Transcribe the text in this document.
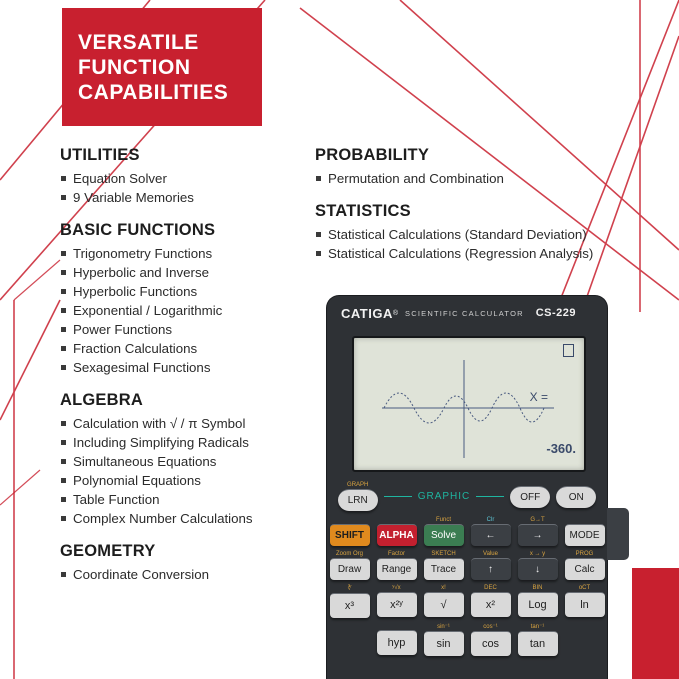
VERSATILE
FUNCTION
CAPABILITIES
UTILITIES
Equation Solver
9 Variable Memories
BASIC FUNCTIONS
Trigonometry Functions
Hyperbolic and Inverse
Hyperbolic Functions
Exponential / Logarithmic
Power Functions
Fraction Calculations
Sexagesimal Functions
ALGEBRA
Calculation with √ / π Symbol
Including Simplifying Radicals
Simultaneous Equations
Polynomial Equations
Table Function
Complex Number Calculations
GEOMETRY
Coordinate Conversion
PROBABILITY
Permutation and Combination
STATISTICS
Statistical Calculations (Standard Deviation)
Statistical Calculations (Regression Analysis)
CATIGA ® SCIENTIFIC CALCULATOR CS-229
X =
-360.
GRAPH
LRN	GRAPHIC	OFF	ON

SHIFT
	ALPHA
Funct
Solve
Clr
←
G→T
→
	MODE
Zoom Org
Draw
Factor
Range
SKETCH
Trace
Value
↑
x → y
↓
PROG
Calc
∛
x³
ʸ√x
x²ʸ
x!
√
DEC
x²
BIN
Log
oCT
ln

hyp
sin⁻¹
sin
cos⁻¹
cos
tan⁻¹
tan
